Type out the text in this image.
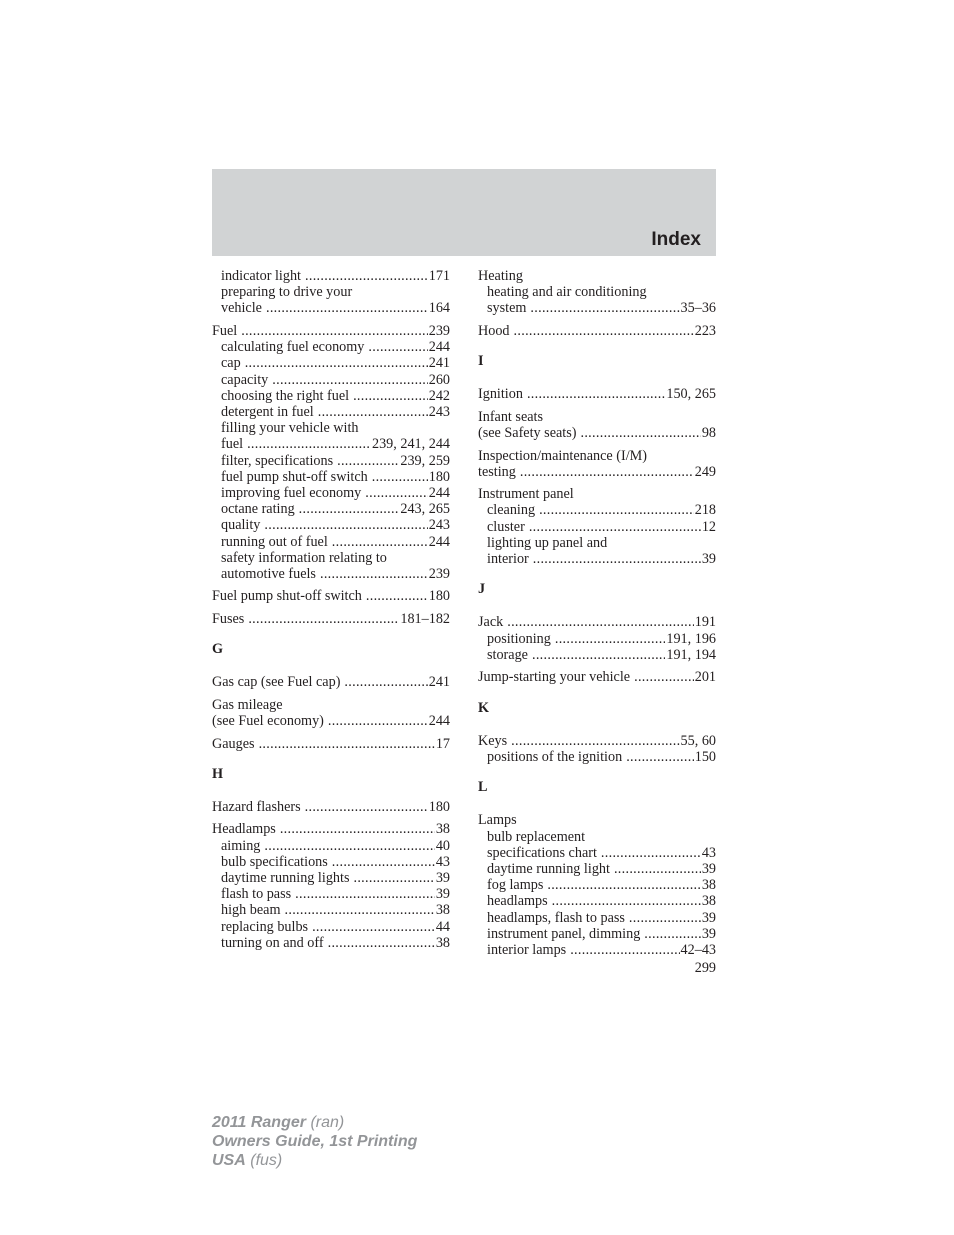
Index
indicator light .....	171
preparing to drive your
vehicle .....	164
Fuel .....	239
calculating fuel economy .....	244
cap .....	241
capacity .....	260
choosing the right fuel .....	242
detergent in fuel .....	243
filling your vehicle with
fuel .....	239, 241, 244
filter, specifications .....	239, 259
fuel pump shut-off switch .....	180
improving fuel economy .....	244
octane rating .....	243, 265
quality .....	243
running out of fuel .....	244
safety information relating to
automotive fuels .....	239
Fuel pump shut-off switch .....	180
Fuses .....	181–182
G
Gas cap (see Fuel cap) .....	241
Gas mileage
(see Fuel economy) .....	244
Gauges .....	17
H
Hazard flashers .....	180
Headlamps .....	38
aiming .....	40
bulb specifications .....	43
daytime running lights .....	39
flash to pass .....	39
high beam .....	38
replacing bulbs .....	44
turning on and off .....	38
Heating
heating and air conditioning
system .....	35–36
Hood .....	223
I
Ignition .....	150, 265
Infant seats
(see Safety seats) .....	98
Inspection/maintenance (I/M)
testing .....	249
Instrument panel
cleaning .....	218
cluster .....	12
lighting up panel and
interior .....	39
J
Jack .....	191
positioning .....	191, 196
storage .....	191, 194
Jump-starting your vehicle .....	201
K
Keys .....	55, 60
positions of the ignition .....	150
L
Lamps
bulb replacement
specifications chart .....	43
daytime running light .....	39
fog lamps .....	38
headlamps .....	38
headlamps, flash to pass .....	39
instrument panel, dimming .....	39
interior lamps .....	42–43
299
2011 Ranger (ran)
Owners Guide, 1st Printing
USA (fus)
